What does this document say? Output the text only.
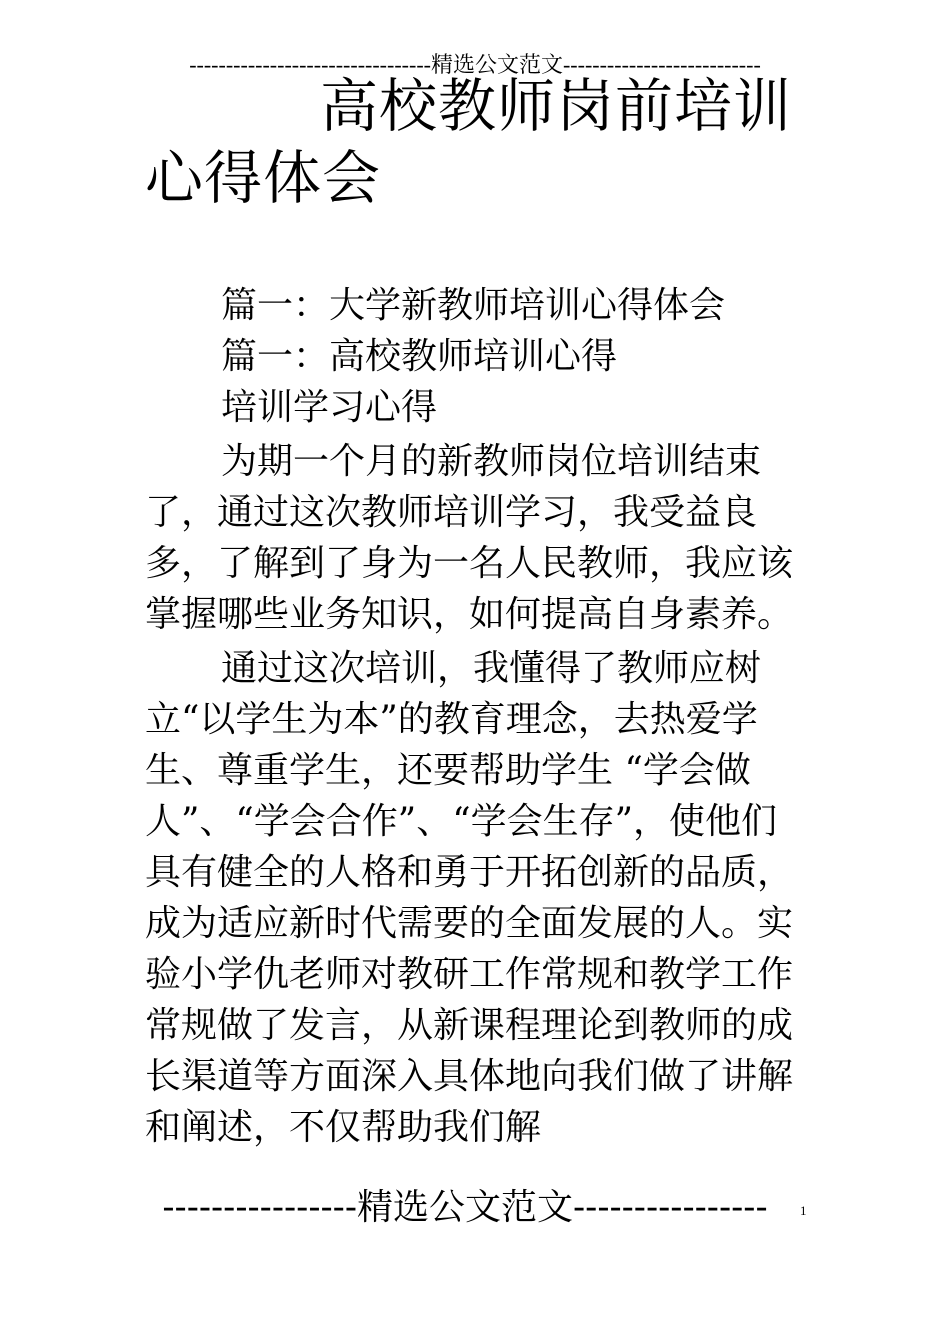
---------------------------------精选公文范文---------------------------
高校教师岗前培训
心得体会
篇一：大学新教师培训心得体会
篇一：高校教师培训心得
培训学习心得
为期一个月的新教师岗位培训结束了，通过这次教师培训学习，我受益良多，了解到了身为一名人民教师，我应该掌握哪些业务知识，如何提高自身素养。
通过这次培训，我懂得了教师应树立“以学生为本”的教育理念，去热爱学生、尊重学生，还要帮助学生 “学会做人”、“学会合作”、“学会生存”，使他们具有健全的人格和勇于开拓创新的品质，成为适应新时代需要的全面发展的人。实验小学仇老师对教研工作常规和教学工作常规做了发言，从新课程理论到教师的成长渠道等方面深入具体地向我们做了讲解和阐述，不仅帮助我们解
----------------精选公文范文----------------	1
